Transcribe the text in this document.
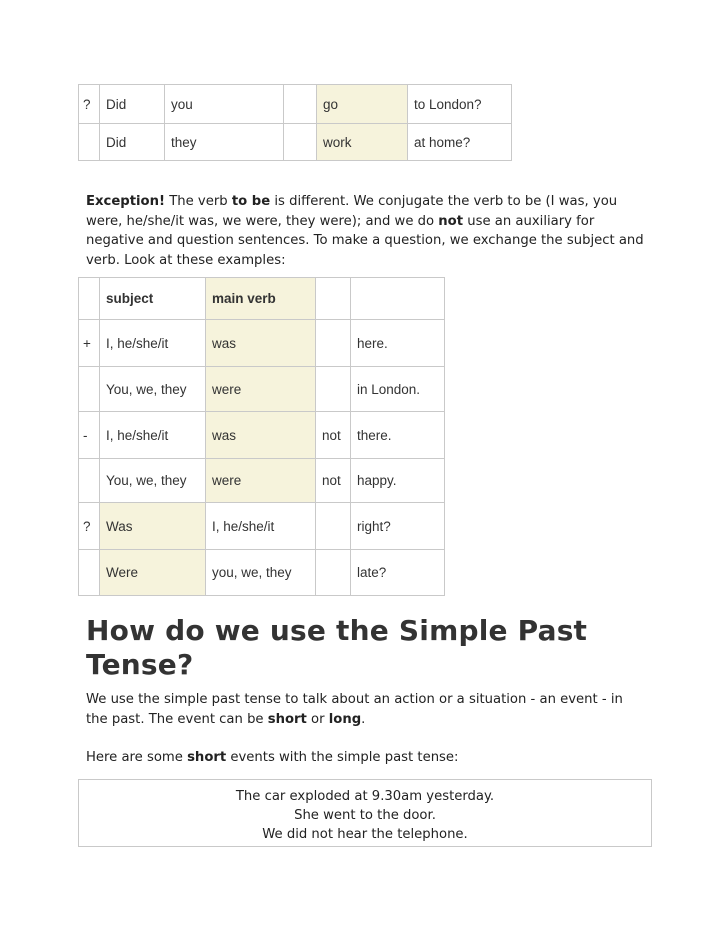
?	Did	you		go	to London?
	Did	they		work	at home?

Exception! The verb to be is different. We conjugate the verb to be (I was, you were, he/she/it was, we were, they were); and we do not use an auxiliary for negative and question sentences. To make a question, we exchange the subject and verb. Look at these examples:

	subject	main verb		
+	I, he/she/it	was		here.
	You, we, they	were		in London.
-	I, he/she/it	was	not	there.
	You, we, they	were	not	happy.
?	Was	I, he/she/it		right?
	Were	you, we, they		late?
How do we use the Simple Past Tense?

We use the simple past tense to talk about an action or a situation - an event - in the past. The event can be short or long.

Here are some short events with the simple past tense:

The car exploded at 9.30am yesterday.
She went to the door.
We did not hear the telephone.
